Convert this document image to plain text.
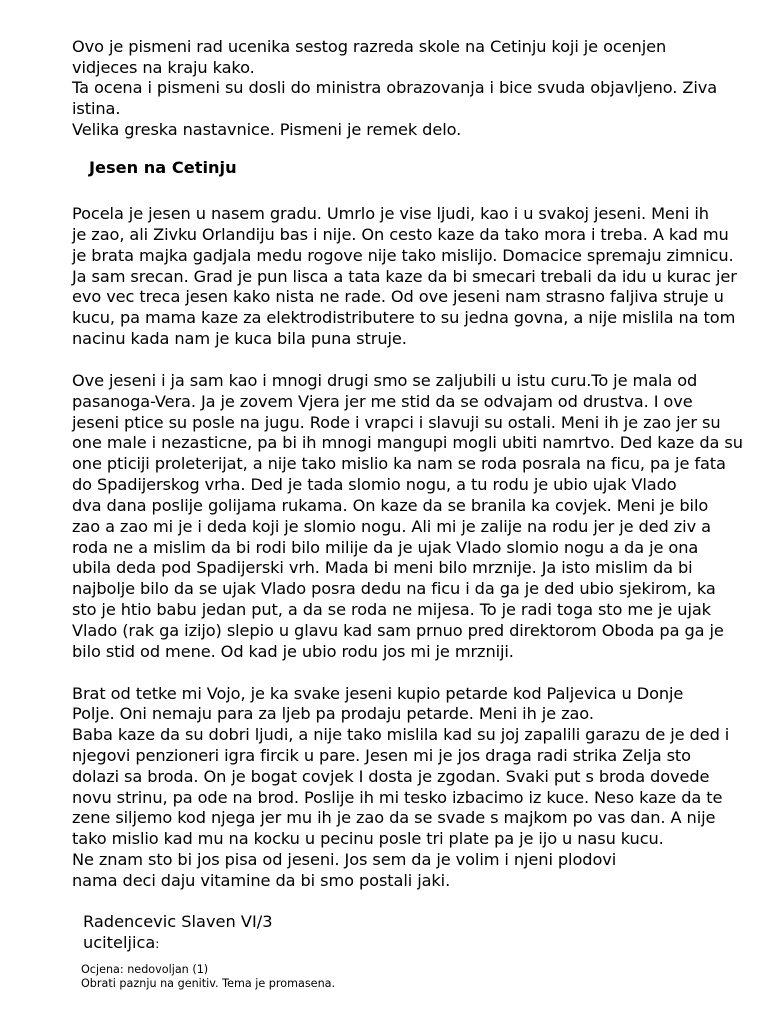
Ovo je pismeni rad ucenika sestog razreda skole na Cetinju koji je ocenjen
vidjeces na kraju kako.
Ta ocena i pismeni su dosli do ministra obrazovanja i bice svuda objavljeno. Ziva
istina.
Velika greska nastavnice. Pismeni je remek delo.
Jesen na Cetinju
Pocela je jesen u nasem gradu. Umrlo je vise ljudi, kao i u svakoj jeseni. Meni ih
je zao, ali Zivku Orlandiju bas i nije. On cesto kaze da tako mora i treba. A kad mu
je brata majka gadjala medu rogove nije tako mislijo. Domacice spremaju zimnicu.
Ja sam srecan. Grad je pun lisca a tata kaze da bi smecari trebali da idu u kurac jer
evo vec treca jesen kako nista ne rade. Od ove jeseni nam strasno faljiva struje u
kucu, pa mama kaze za elektrodistributere to su jedna govna, a nije mislila na tom
nacinu kada nam je kuca bila puna struje.
Ove jeseni i ja sam kao i mnogi drugi smo se zaljubili u istu curu.To je mala od
pasanoga-Vera. Ja je zovem Vjera jer me stid da se odvajam od drustva. I ove
jeseni ptice su posle na jugu. Rode i vrapci i slavuji su ostali. Meni ih je zao jer su
one male i nezasticne, pa bi ih mnogi mangupi mogli ubiti namrtvo. Ded kaze da su
one pticiji proleterijat, a nije tako mislio ka nam se roda posrala na ficu, pa je fata
do Spadijerskog vrha. Ded je tada slomio nogu, a tu rodu je ubio ujak Vlado
dva dana poslije golijama rukama. On kaze da se branila ka covjek. Meni je bilo
zao a zao mi je i deda koji je slomio nogu. Ali mi je zalije na rodu jer je ded ziv a
roda ne a mislim da bi rodi bilo milije da je ujak Vlado slomio nogu a da je ona
ubila deda pod Spadijerski vrh. Mada bi meni bilo mrznije. Ja isto mislim da bi
najbolje bilo da se ujak Vlado posra dedu na ficu i da ga je ded ubio sjekirom, ka
sto je htio babu jedan put, a da se roda ne mijesa. To je radi toga sto me je ujak
Vlado (rak ga izijo) slepio u glavu kad sam prnuo pred direktorom Oboda pa ga je
bilo stid od mene. Od kad je ubio rodu jos mi je mrzniji.
Brat od tetke mi Vojo, je ka svake jeseni kupio petarde kod Paljevica u Donje
Polje. Oni nemaju para za ljeb pa prodaju petarde. Meni ih je zao.
Baba kaze da su dobri ljudi, a nije tako mislila kad su joj zapalili garazu de je ded i
njegovi penzioneri igra fircik u pare. Jesen mi je jos draga radi strika Zelja sto
dolazi sa broda. On je bogat covjek I dosta je zgodan. Svaki put s broda dovede
novu strinu, pa ode na brod. Poslije ih mi tesko izbacimo iz kuce. Neso kaze da te
zene siljemo kod njega jer mu ih je zao da se svade s majkom po vas dan. A nije
tako mislio kad mu na kocku u pecinu posle tri plate pa je ijo u nasu kucu.
Ne znam sto bi jos pisa od jeseni. Jos sem da je volim i njeni plodovi
nama deci daju vitamine da bi smo postali jaki.
Radencevic Slaven VI/3
uciteljica:
Ocjena: nedovoljan (1)
Obrati paznju na genitiv. Tema je promasena.
